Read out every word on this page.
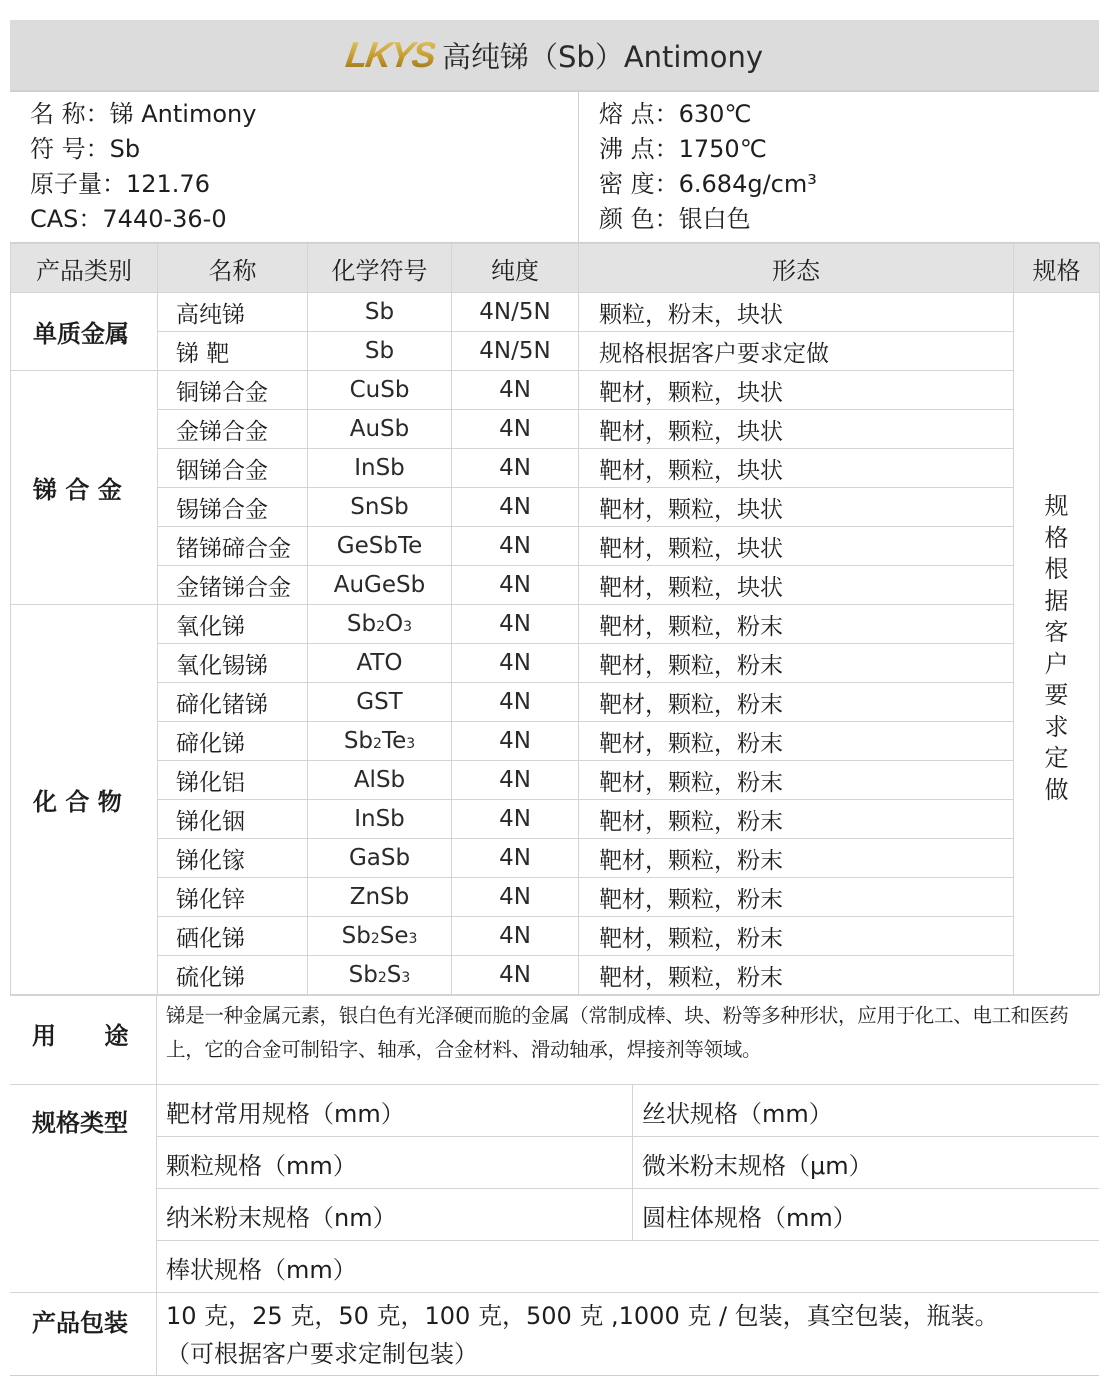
LKYS 高纯锑（Sb）Antimony
名 称：锑 Antimony
符 号：Sb
原子量：121.76
CAS：7440-36-0
熔 点：630℃
沸 点：1750℃
密 度：6.684g/cm³
颜 色：银白色
产品类别	名称	化学符号	纯度	形态	规格
单质金属	高纯锑	Sb	4N/5N	颗粒，粉末，块状	规格根据客户要求定做

	锑 靶	Sb	4N/5N	规格根据客户要求定做	
锑 合 金	铜锑合金	CuSb	4N	靶材，颗粒，块状	
	金锑合金	AuSb	4N	靶材，颗粒，块状	
	铟锑合金	InSb	4N	靶材，颗粒，块状	
	锡锑合金	SnSb	4N	靶材，颗粒，块状	
	锗锑碲合金	GeSbTe	4N	靶材，颗粒，块状	
	金锗锑合金	AuGeSb	4N	靶材，颗粒，块状	
化 合 物	氧化锑	Sb2O3	4N	靶材，颗粒，粉末	
	氧化锡锑	ATO	4N	靶材，颗粒，粉末	
	碲化锗锑	GST	4N	靶材，颗粒，粉末	
	碲化锑	Sb2Te3	4N	靶材，颗粒，粉末	
	锑化铝	AlSb	4N	靶材，颗粒，粉末	
	锑化铟	InSb	4N	靶材，颗粒，粉末	
	锑化镓	GaSb	4N	靶材，颗粒，粉末	
	锑化锌	ZnSb	4N	靶材，颗粒，粉末	
	硒化锑	Sb2Se3	4N	靶材，颗粒，粉末	
	硫化锑	Sb2S3	4N	靶材，颗粒，粉末	
用 途
锑是一种金属元素，银白色有光泽硬而脆的金属（常制成棒、块、粉等多种形状，应用于化工、电工和医药上，它的合金可制铅字、轴承，合金材料、滑动轴承，焊接剂等领域。
规格类型	靶材常用规格（mm）	丝状规格（mm）
颗粒规格（mm）	微米粉末规格（μm）
纳米粉末规格（nm）	圆柱体规格（mm）
棒状规格（mm）
产品包装	10 克，25 克，50 克，100 克，500 克 ,1000 克 / 包装，真空包装，瓶装。
（可根据客户要求定制包装）
